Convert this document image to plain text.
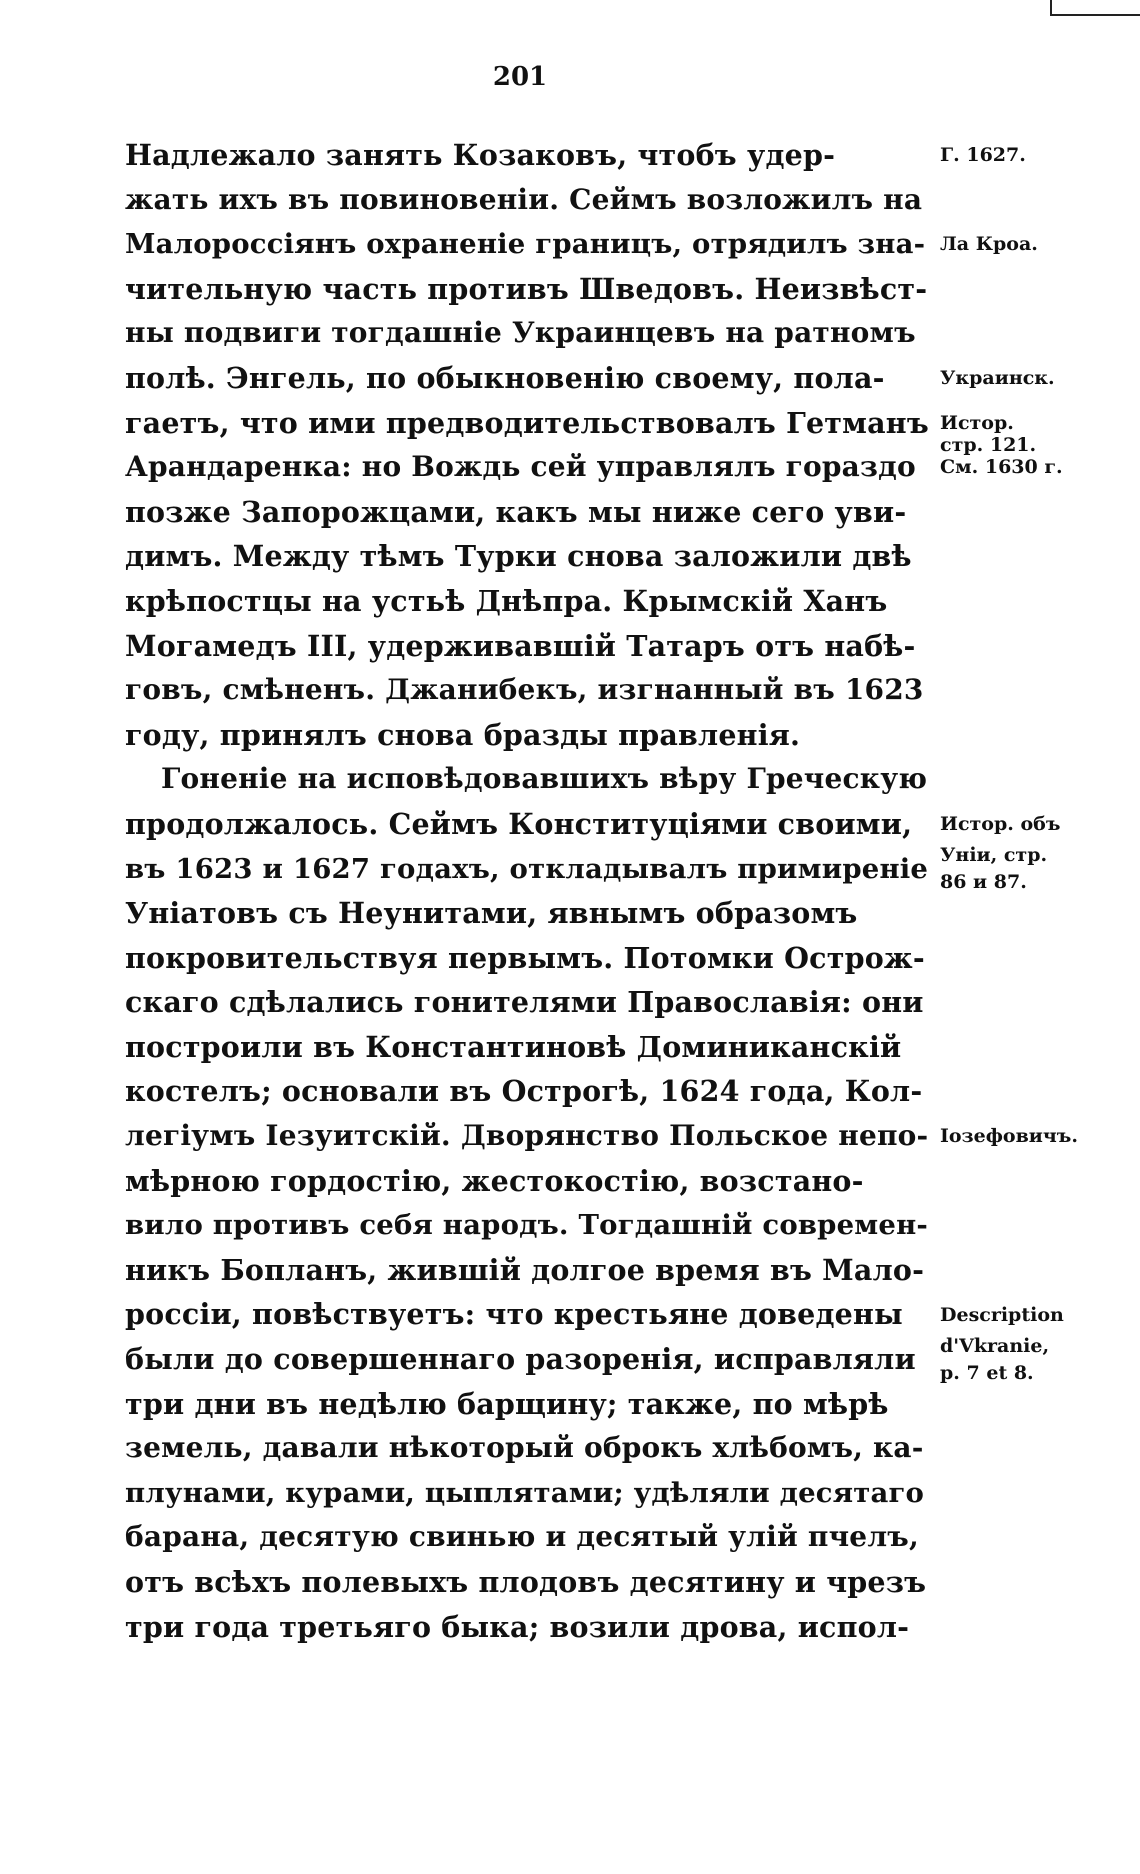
201
Надлежало занять Козаковъ, чтобъ удер-
жать ихъ въ повиновеніи. Сеймъ возложилъ на
Малороссіянъ охраненіе границъ, отрядилъ зна-
чительную часть противъ Шведовъ. Неизвѣст-
ны подвиги тогдашніе Украинцевъ на ратномъ
полѣ. Энгель, по обыкновенію своему, пола-
гаетъ, что ими предводительствовалъ Гетманъ
Арандаренка: но Вождь сей управлялъ гораздо
позже Запорожцами, какъ мы ниже сего уви-
димъ. Между тѣмъ Турки снова заложили двѣ
крѣпостцы на устьѣ Днѣпра. Крымскій Ханъ
Могамедъ III, удерживавшій Татаръ отъ набѣ-
говъ, смѣненъ. Джанибекъ, изгнанный въ 1623
году, принялъ снова бразды правленія.
Гоненіе на исповѣдовавшихъ вѣру Греческую
продолжалось. Сеймъ Конституціями своими,
въ 1623 и 1627 годахъ, откладывалъ примиреніе
Уніатовъ съ Неунитами, явнымъ образомъ
покровительствуя первымъ. Потомки Острож-
скаго сдѣлались гонителями Православія: они
построили въ Константиновѣ Доминиканскій
костелъ; основали въ Острогѣ, 1624 года, Кол-
легіумъ Іезуитскій. Дворянство Польское непо-
мѣрною гордостію, жестокостію, возстано-
вило противъ себя народъ. Тогдашній современ-
никъ Бопланъ, жившій долгое время въ Мало-
россіи, повѣствуетъ: что крестьяне доведены
были до совершеннаго разоренія, исправляли
три дни въ недѣлю барщину; также, по мѣрѣ
земель, давали нѣкоторый оброкъ хлѣбомъ, ка-
плунами, курами, цыплятами; удѣляли десятаго
барана, десятую свинью и десятый улій пчелъ,
отъ всѣхъ полевыхъ плодовъ десятину и чрезъ
три года третьяго быка; возили дрова, испол-
Г. 1627.
Ла Кроа.
Украинск.
Истор.
стр. 121.
См. 1630 г.
Истор. объ
Уніи, стр.
86 и 87.
Іозефовичъ.
Description
d'Vkranie,
p. 7 et 8.
